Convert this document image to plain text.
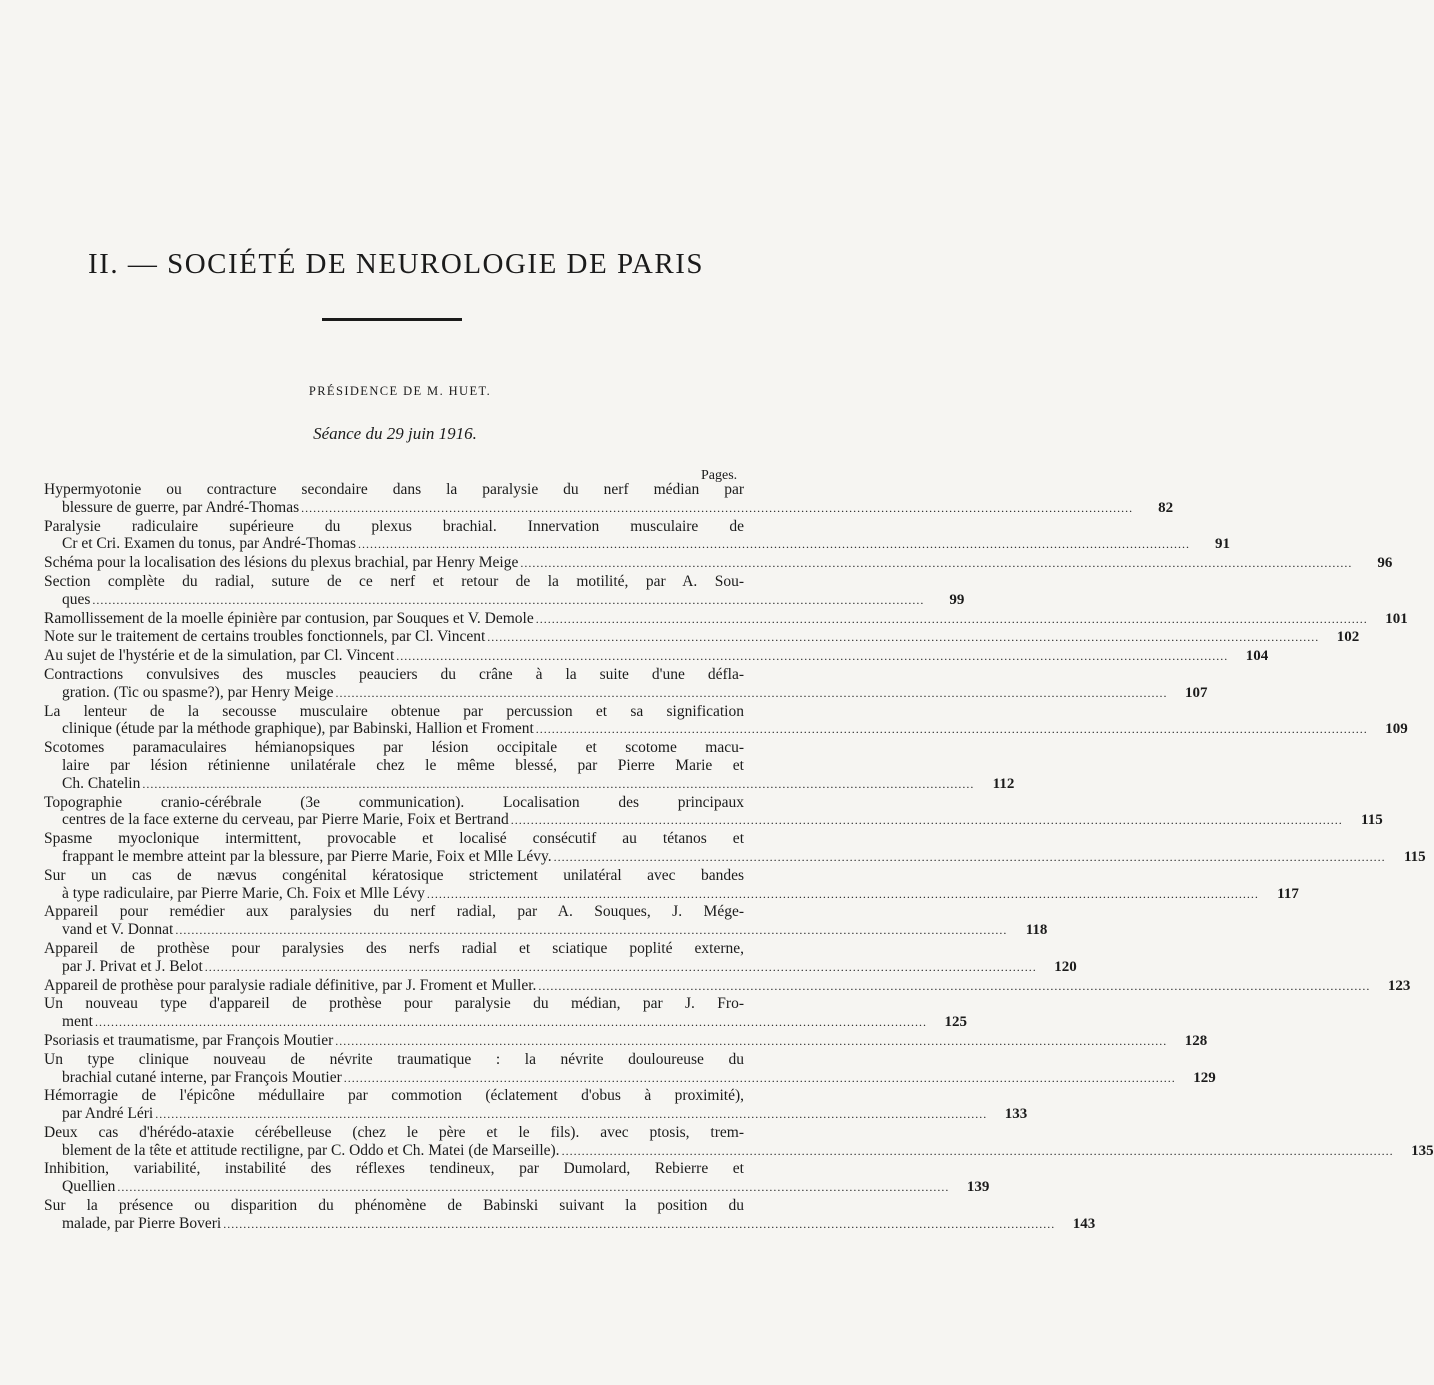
II. — SOCIÉTÉ DE NEUROLOGIE DE PARIS
PRÉSIDENCE DE M. HUET.
Séance du 29 juin 1916.
Pages.
Hypermyotonie ou contracture secondaire dans la paralysie du nerf médian par
blessure de guerre, par André-Thomas .....	82
Paralysie radiculaire supérieure du plexus brachial. Innervation musculaire de
Cr et Cri. Examen du tonus, par André-Thomas .....	91
Schéma pour la localisation des lésions du plexus brachial, par Henry Meige .....	96
Section complète du radial, suture de ce nerf et retour de la motilité, par A. Sou-
ques .....	99
Ramollissement de la moelle épinière par contusion, par Souques et V. Demole .....	101
Note sur le traitement de certains troubles fonctionnels, par Cl. Vincent .....	102
Au sujet de l'hystérie et de la simulation, par Cl. Vincent .....	104
Contractions convulsives des muscles peauciers du crâne à la suite d'une défla-
gration. (Tic ou spasme?), par Henry Meige .....	107
La lenteur de la secousse musculaire obtenue par percussion et sa signification
clinique (étude par la méthode graphique), par Babinski, Hallion et Froment .....	109
Scotomes paramaculaires hémianopsiques par lésion occipitale et scotome macu-
laire par lésion rétinienne unilatérale chez le même blessé, par Pierre Marie et
Ch. Chatelin .....	112
Topographie cranio-cérébrale (3e communication). Localisation des principaux
centres de la face externe du cerveau, par Pierre Marie, Foix et Bertrand .....	115
Spasme myoclonique intermittent, provocable et localisé consécutif au tétanos et
frappant le membre atteint par la blessure, par Pierre Marie, Foix et Mlle Lévy. .....	115
Sur un cas de nævus congénital kératosique strictement unilatéral avec bandes
à type radiculaire, par Pierre Marie, Ch. Foix et Mlle Lévy .....	117
Appareil pour remédier aux paralysies du nerf radial, par A. Souques, J. Mége-
vand et V. Donnat .....	118
Appareil de prothèse pour paralysies des nerfs radial et sciatique poplité externe,
par J. Privat et J. Belot .....	120
Appareil de prothèse pour paralysie radiale définitive, par J. Froment et Muller. .....	123
Un nouveau type d'appareil de prothèse pour paralysie du médian, par J. Fro-
ment .....	125
Psoriasis et traumatisme, par François Moutier .....	128
Un type clinique nouveau de névrite traumatique : la névrite douloureuse du
brachial cutané interne, par François Moutier .....	129
Hémorragie de l'épicône médullaire par commotion (éclatement d'obus à proximité),
par André Léri .....	133
Deux cas d'hérédo-ataxie cérébelleuse (chez le père et le fils). avec ptosis, trem-
blement de la tête et attitude rectiligne, par C. Oddo et Ch. Matei (de Marseille). .....	135
Inhibition, variabilité, instabilité des réflexes tendineux, par Dumolard, Rebierre et
Quellien .....	139
Sur la présence ou disparition du phénomène de Babinski suivant la position du
malade, par Pierre Boveri .....	143
